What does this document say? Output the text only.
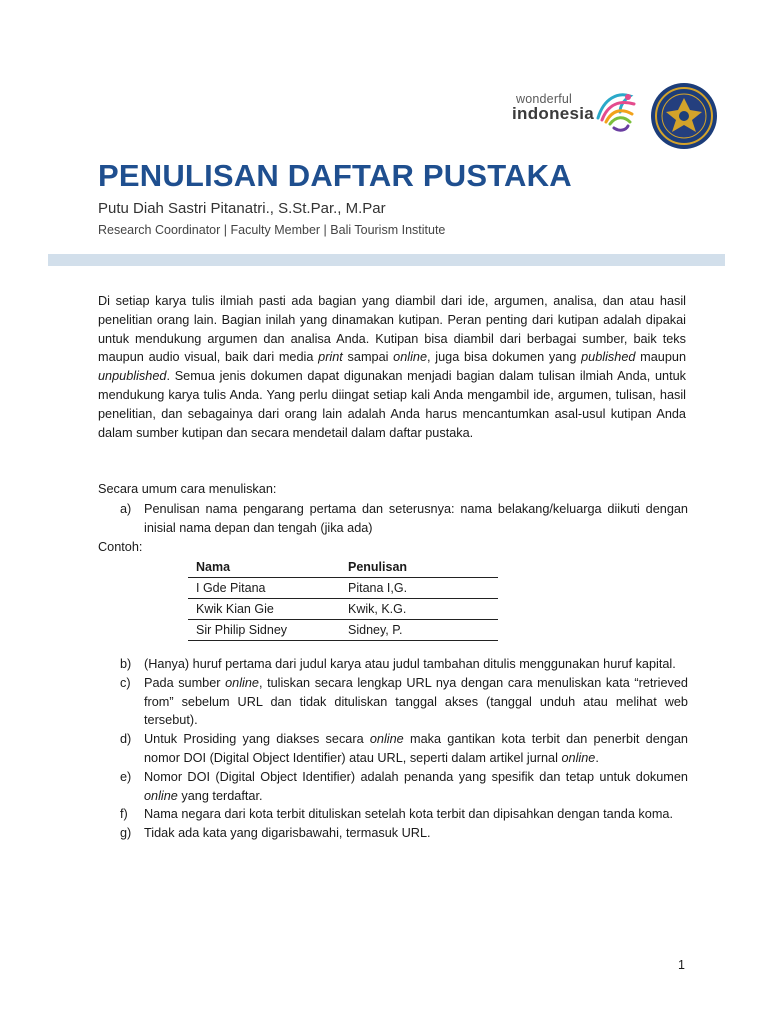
wonderful
indonesia
PENULISAN DAFTAR PUSTAKA
Putu Diah Sastri Pitanatri., S.St.Par., M.Par
Research Coordinator | Faculty Member | Bali Tourism Institute

Di setiap karya tulis ilmiah pasti ada bagian yang diambil dari ide, argumen, analisa, dan atau hasil penelitian orang lain. Bagian inilah yang dinamakan kutipan. Peran penting dari kutipan adalah dipakai untuk mendukung argumen dan analisa Anda. Kutipan bisa diambil dari berbagai sumber, baik teks maupun audio visual, baik dari media print sampai online, juga bisa dokumen yang published maupun unpublished. Semua jenis dokumen dapat digunakan menjadi bagian dalam tulisan ilmiah Anda, untuk mendukung karya tulis Anda. Yang perlu diingat setiap kali Anda mengambil ide, argumen, tulisan, hasil penelitian, dan sebagainya dari orang lain adalah Anda harus mencantumkan asal-usul kutipan Anda dalam sumber kutipan dan secara mendetail dalam daftar pustaka.

Secara umum cara menuliskan:
a) Penulisan nama pengarang pertama dan seterusnya: nama belakang/keluarga diikuti dengan inisial nama depan dan tengah (jika ada)
Contoh:
Nama	Penulisan
I Gde Pitana	Pitana I,G.
Kwik Kian Gie	Kwik, K.G.
Sir Philip Sidney	Sidney, P.
b) (Hanya) huruf pertama dari judul karya atau judul tambahan ditulis menggunakan huruf kapital.
c) Pada sumber online, tuliskan secara lengkap URL nya dengan cara menuliskan kata “retrieved from” sebelum URL dan tidak dituliskan tanggal akses (tanggal unduh atau melihat web tersebut).
d) Untuk Prosiding yang diakses secara online maka gantikan kota terbit dan penerbit dengan nomor DOI (Digital Object Identifier) atau URL, seperti dalam artikel jurnal online.
e) Nomor DOI (Digital Object Identifier) adalah penanda yang spesifik dan tetap untuk dokumen online yang terdaftar.
f) Nama negara dari kota terbit dituliskan setelah kota terbit dan dipisahkan dengan tanda koma.
g) Tidak ada kata yang digarisbawahi, termasuk URL.
1
